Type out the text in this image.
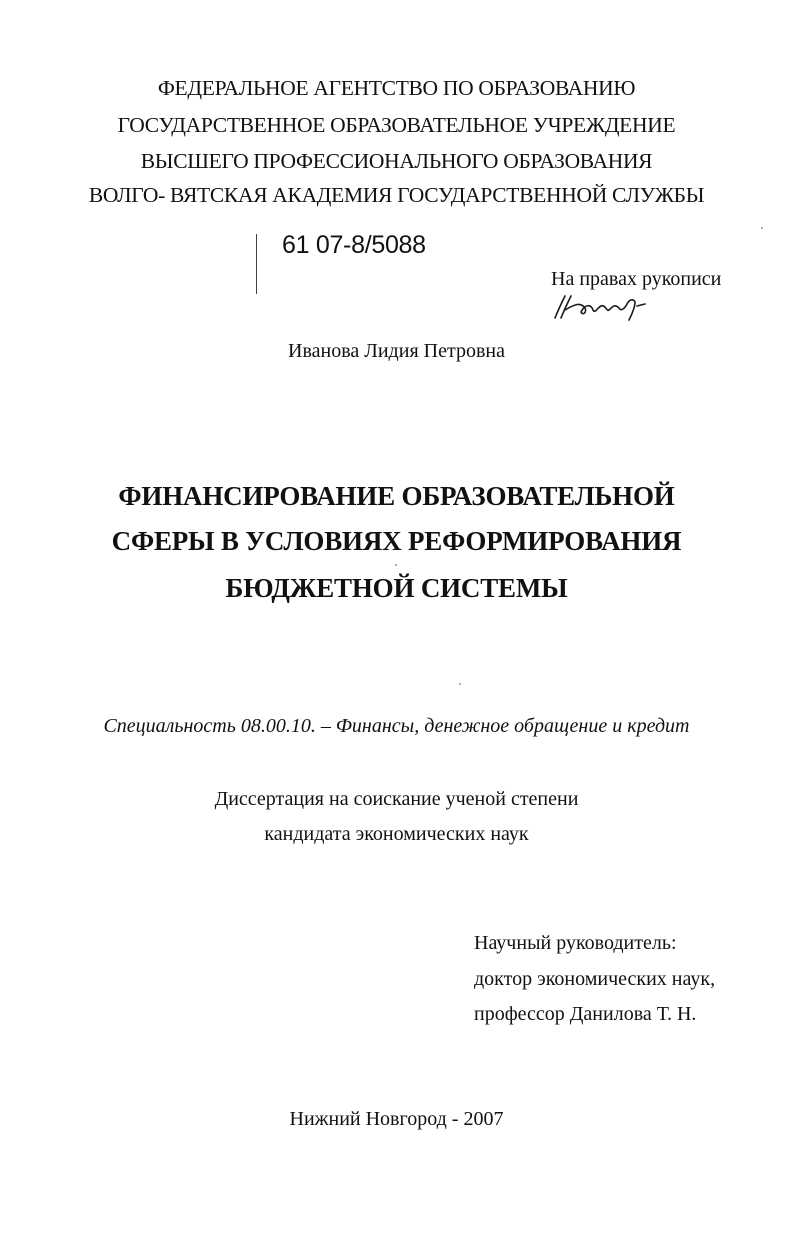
ФЕДЕРАЛЬНОЕ АГЕНТСТВО ПО ОБРАЗОВАНИЮ
ГОСУДАРСТВЕННОЕ ОБРАЗОВАТЕЛЬНОЕ УЧРЕЖДЕНИЕ
ВЫСШЕГО ПРОФЕССИОНАЛЬНОГО ОБРАЗОВАНИЯ
ВОЛГО- ВЯТСКАЯ АКАДЕМИЯ ГОСУДАРСТВЕННОЙ СЛУЖБЫ
61 07-8/5088
На правах рукописи
Иванова Лидия Петровна
ФИНАНСИРОВАНИЕ ОБРАЗОВАТЕЛЬНОЙ
СФЕРЫ В УСЛОВИЯХ РЕФОРМИРОВАНИЯ
БЮДЖЕТНОЙ СИСТЕМЫ
Специальность 08.00.10. – Финансы, денежное обращение и кредит
Диссертация на соискание ученой степени
кандидата экономических наук
Научный руководитель:
доктор экономических наук,
профессор Данилова Т. Н.
Нижний Новгород - 2007
